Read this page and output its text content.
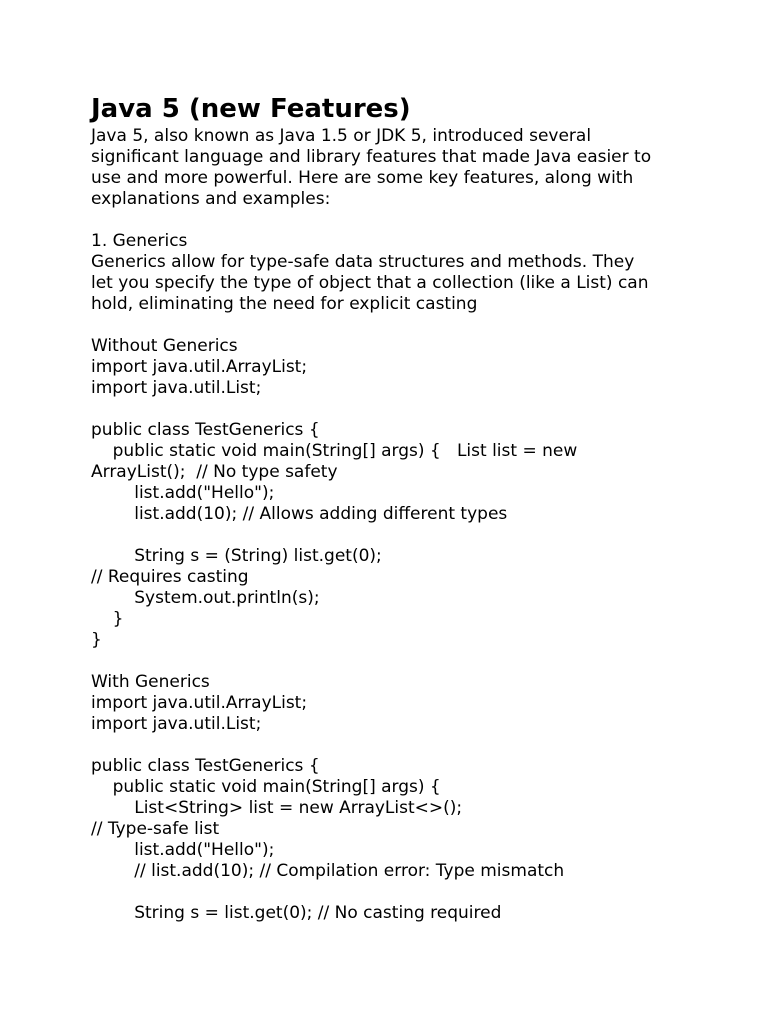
Java 5 (new Features)
Java 5, also known as Java 1.5 or JDK 5, introduced several
significant language and library features that made Java easier to
use and more powerful. Here are some key features, along with
explanations and examples:
1. Generics
Generics allow for type-safe data structures and methods. They
let you specify the type of object that a collection (like a List) can
hold, eliminating the need for explicit casting
Without Generics
import java.util.ArrayList;
import java.util.List;
public class TestGenerics {
public static void main(String[] args) {   List list = new
ArrayList();  // No type safety
list.add("Hello");
list.add(10); // Allows adding different types
String s = (String) list.get(0);
// Requires casting
System.out.println(s);
}
}
With Generics
import java.util.ArrayList;
import java.util.List;
public class TestGenerics {
public static void main(String[] args) {
List<String> list = new ArrayList<>();
// Type-safe list
list.add("Hello");
// list.add(10); // Compilation error: Type mismatch
String s = list.get(0); // No casting required
